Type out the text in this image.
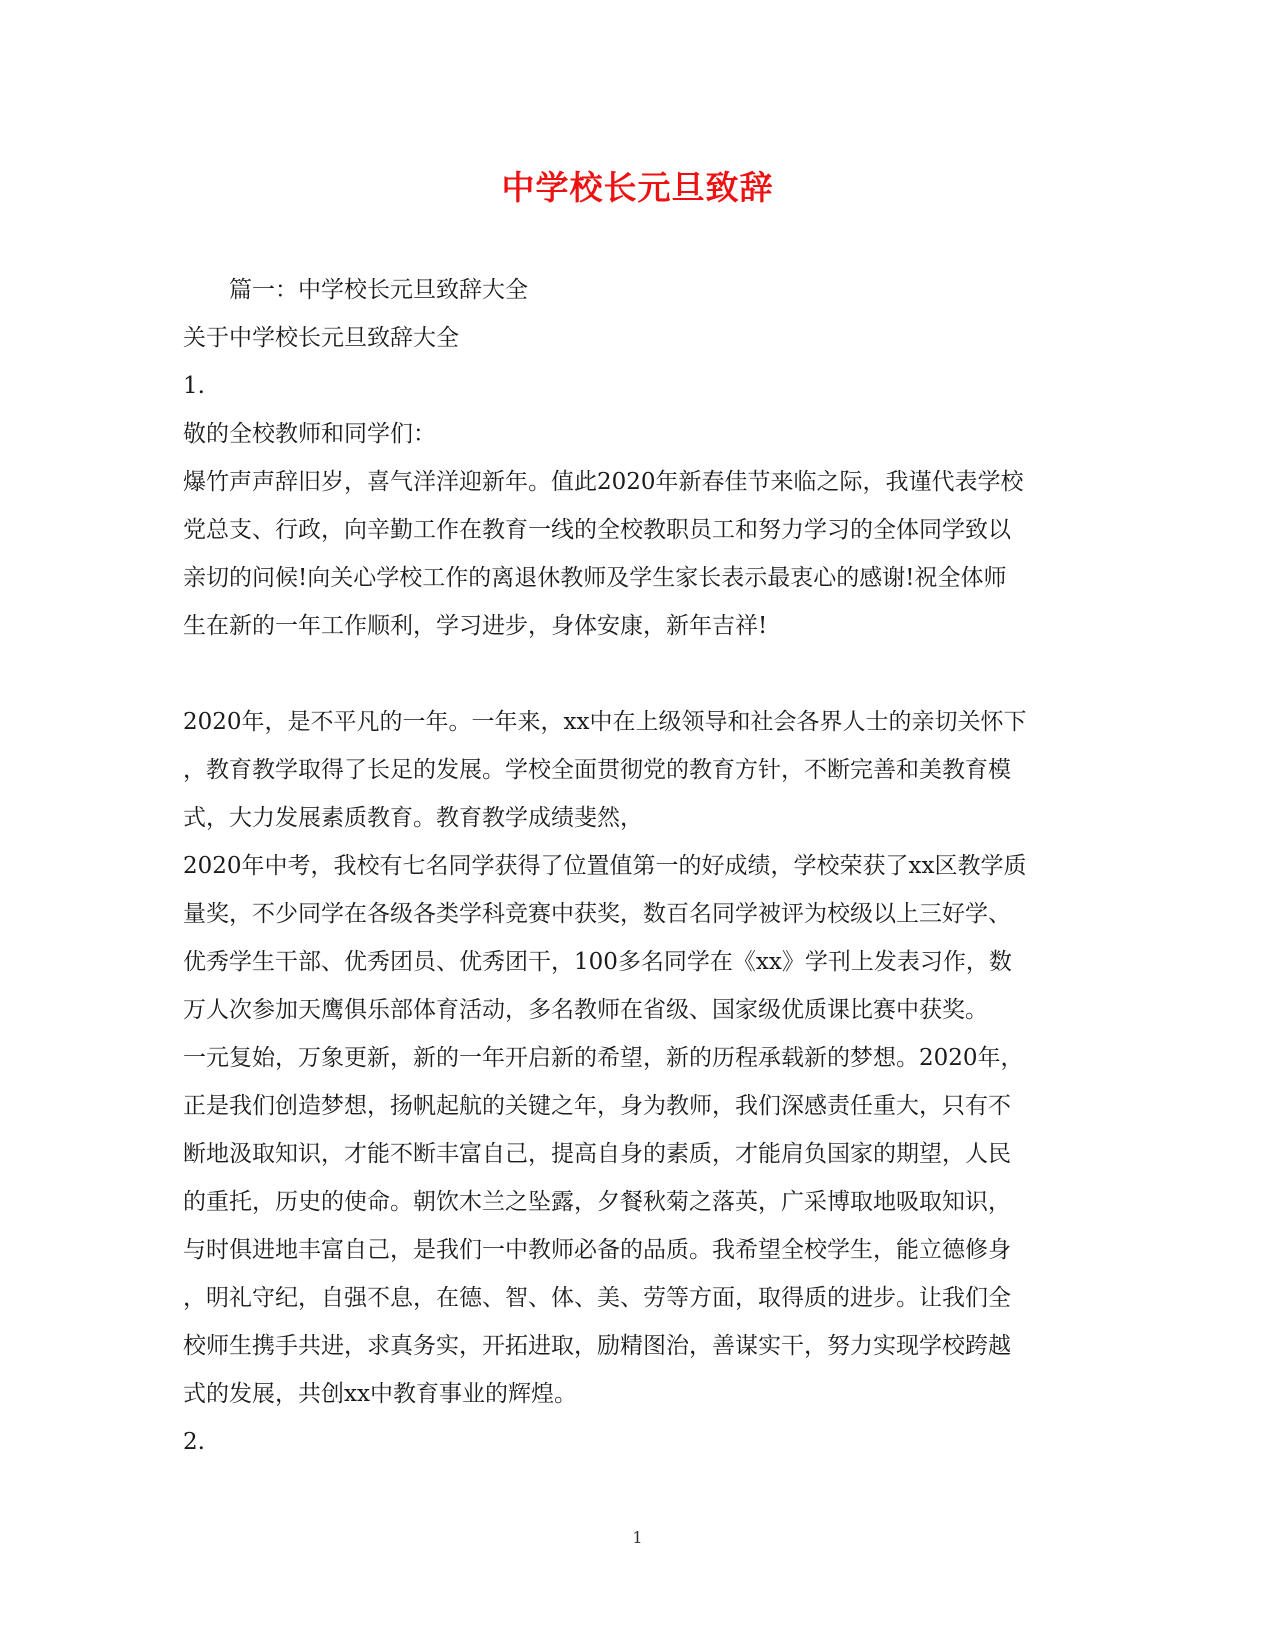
中学校长元旦致辞
篇一：中学校长元旦致辞大全
关于中学校长元旦致辞大全
1.
敬的全校教师和同学们：
爆竹声声辞旧岁，喜气洋洋迎新年。值此2020年新春佳节来临之际，我谨代表学校
党总支、行政，向辛勤工作在教育一线的全校教职员工和努力学习的全体同学致以
亲切的问候!向关心学校工作的离退休教师及学生家长表示最衷心的感谢!祝全体师
生在新的一年工作顺利，学习进步，身体安康，新年吉祥!
2020年，是不平凡的一年。一年来，xx中在上级领导和社会各界人士的亲切关怀下
，教育教学取得了长足的发展。学校全面贯彻党的教育方针，不断完善和美教育模
式，大力发展素质教育。教育教学成绩斐然，
2020年中考，我校有七名同学获得了位置值第一的好成绩，学校荣获了xx区教学质
量奖，不少同学在各级各类学科竞赛中获奖，数百名同学被评为校级以上三好学、
优秀学生干部、优秀团员、优秀团干，100多名同学在《xx》学刊上发表习作，数
万人次参加天鹰俱乐部体育活动，多名教师在省级、国家级优质课比赛中获奖。
一元复始，万象更新，新的一年开启新的希望，新的历程承载新的梦想。2020年，
正是我们创造梦想，扬帆起航的关键之年，身为教师，我们深感责任重大，只有不
断地汲取知识，才能不断丰富自己，提高自身的素质，才能肩负国家的期望，人民
的重托，历史的使命。朝饮木兰之坠露，夕餐秋菊之落英，广采博取地吸取知识，
与时俱进地丰富自己，是我们一中教师必备的品质。我希望全校学生，能立德修身
，明礼守纪，自强不息，在德、智、体、美、劳等方面，取得质的进步。让我们全
校师生携手共进，求真务实，开拓进取，励精图治，善谋实干，努力实现学校跨越
式的发展，共创xx中教育事业的辉煌。
2.
1
